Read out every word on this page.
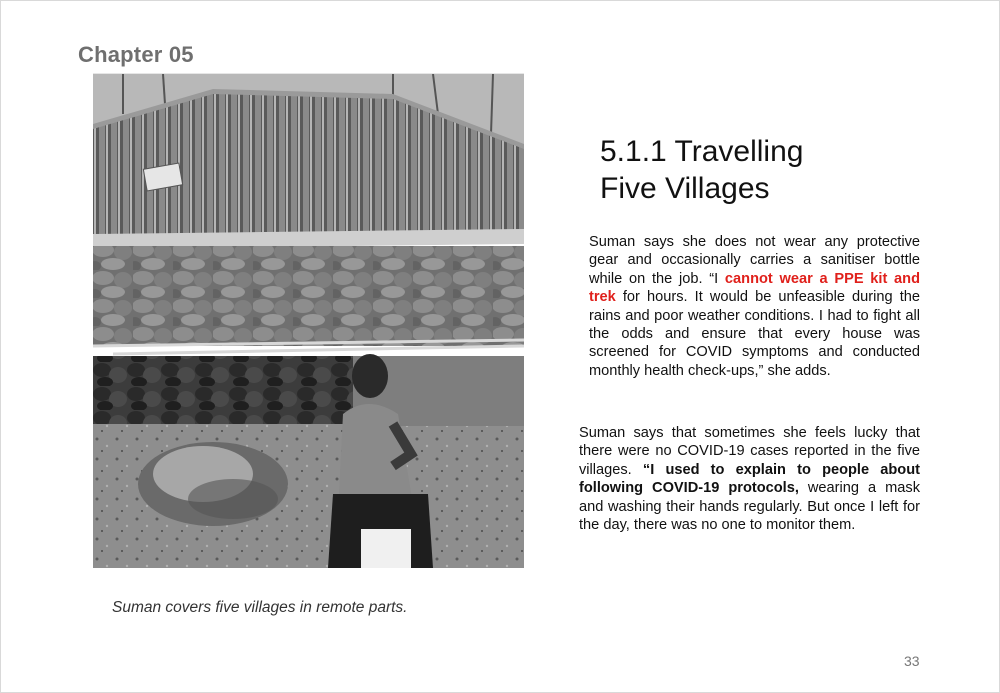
Chapter 05
Suman covers five villages in remote parts.
5.1.1 Travelling
Five Villages

Suman says she does not wear any protective gear and occasionally carries a sanitiser bottle while on the job. “I cannot wear a PPE kit and trek for hours. It would be unfeasible during the rains and poor weather conditions. I had to fight all the odds and ensure that every house was screened for COVID symptoms and conducted monthly health check-ups,” she adds.

Suman says that sometimes she feels lucky that there were no COVID-19 cases reported in the five villages. “I used to explain to people about following COVID-19 protocols, wearing a mask and washing their hands regularly. But once I left for the day, there was no one to monitor them.

33
